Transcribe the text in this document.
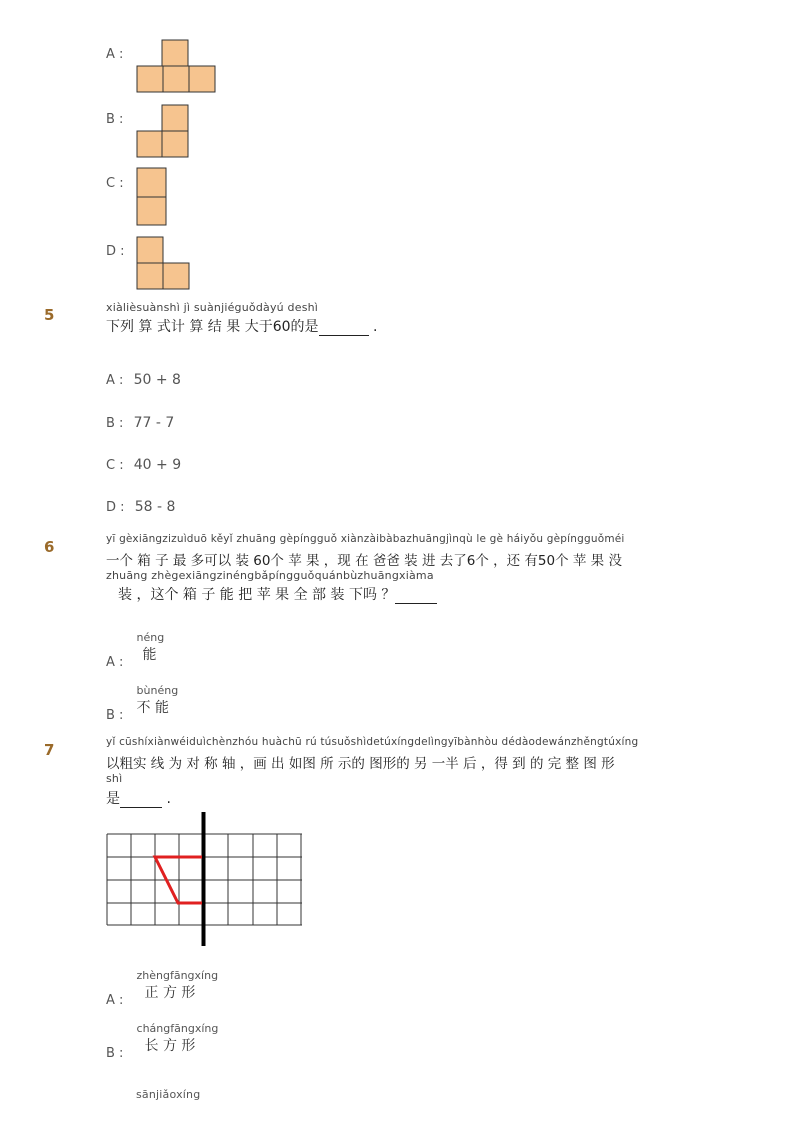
A :
B :
C :
D :
5	xiàlièsuànshì jì suànjiéguǒdàyú deshì
下列 算 式计 算 结 果 大于60的是	.
A : 50 + 8
B : 77 - 7
C : 40 + 9
D : 58 - 8
6	yī gèxiāngzizuìduō kěyǐ zhuāng gèpíngguǒ xiànzàibàbazhuāngjìnqù le gè háiyǒu gèpíngguǒméi
一个 箱 子 最 多可以 装 60个 苹 果 ，现 在 爸爸 装 进 去了6个 ，还 有50个 苹 果 没
zhuāng zhègexiāngzinéngbǎpíngguǒquánbùzhuāngxiàma
装 ，这个 箱 子 能 把 苹 果 全 部 装 下吗 ？
$_{A :}$
néng
能
$_{B :}$
bùnéng
不 能
7	yǐ cūshíxiànwéiduìchènzhóu huàchū rú túsuǒshìdetúxíngdelìngyībànhòu dédàodewánzhěngtúxíng
以粗实 线 为 对 称 轴 ，画 出 如图 所 示的 图形的 另 一半 后 ，得 到 的 完 整 图 形
shì
是	.
$_{A :}$
zhèngfāngxíng
正 方 形
$_{B :}$
chángfāngxíng
长 方 形
sānjiǎoxíng
